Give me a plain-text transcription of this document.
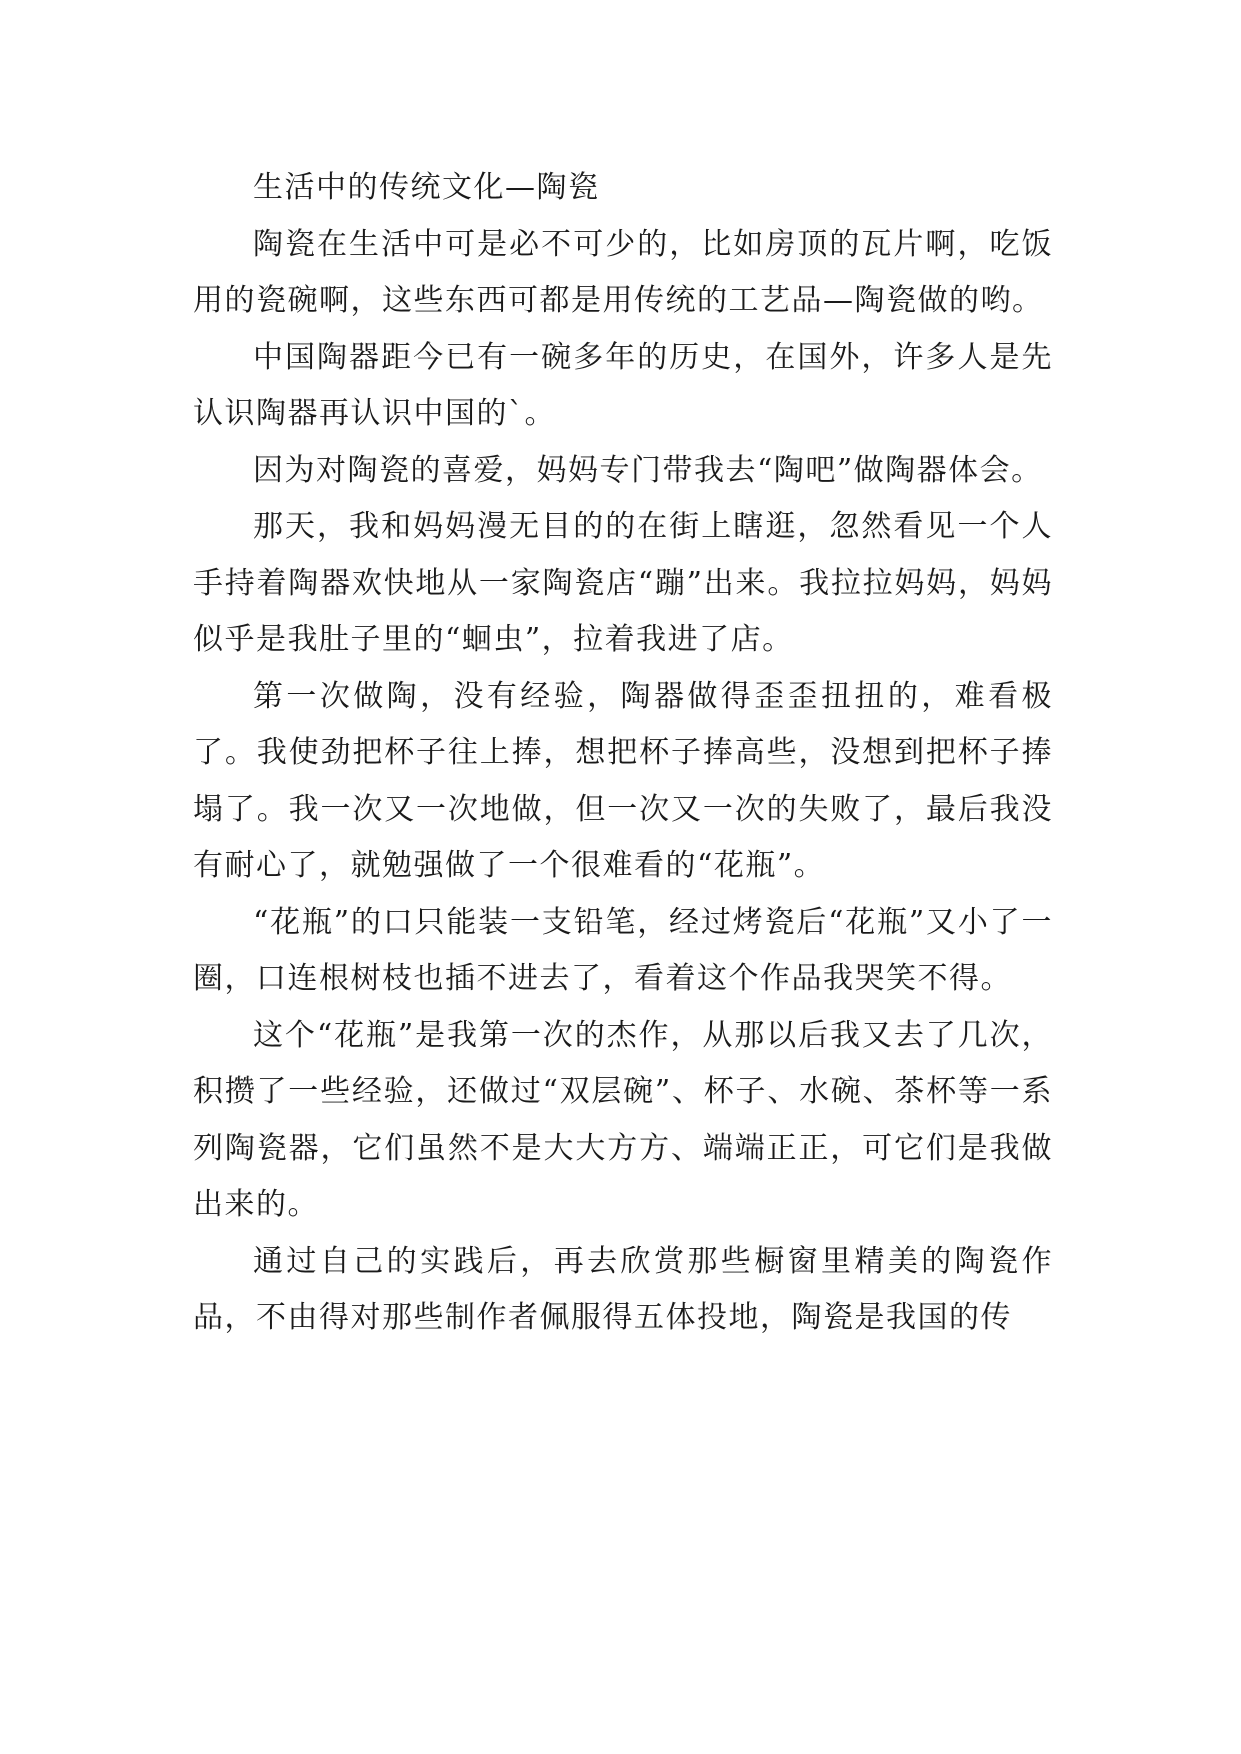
生活中的传统文化—陶瓷

陶瓷在生活中可是必不可少的，比如房顶的瓦片啊，吃饭用的瓷碗啊，这些东西可都是用传统的工艺品—陶瓷做的哟。

中国陶器距今已有一碗多年的历史，在国外，许多人是先认识陶器再认识中国的`。

因为对陶瓷的喜爱，妈妈专门带我去“陶吧”做陶器体会。

那天，我和妈妈漫无目的的在街上瞎逛，忽然看见一个人手持着陶器欢快地从一家陶瓷店“蹦”出来。我拉拉妈妈，妈妈似乎是我肚子里的“蛔虫”，拉着我进了店。

第一次做陶，没有经验，陶器做得歪歪扭扭的，难看极了。我使劲把杯子往上捧，想把杯子捧高些，没想到把杯子捧塌了。我一次又一次地做，但一次又一次的失败了，最后我没有耐心了，就勉强做了一个很难看的“花瓶”。

“花瓶”的口只能装一支铅笔，经过烤瓷后“花瓶”又小了一圈，口连根树枝也插不进去了，看着这个作品我哭笑不得。

这个“花瓶”是我第一次的杰作，从那以后我又去了几次，积攒了一些经验，还做过“双层碗”、杯子、水碗、茶杯等一系列陶瓷器，它们虽然不是大大方方、端端正正，可它们是我做出来的。

通过自己的实践后，再去欣赏那些橱窗里精美的陶瓷作品，不由得对那些制作者佩服得五体投地，陶瓷是我国的传
